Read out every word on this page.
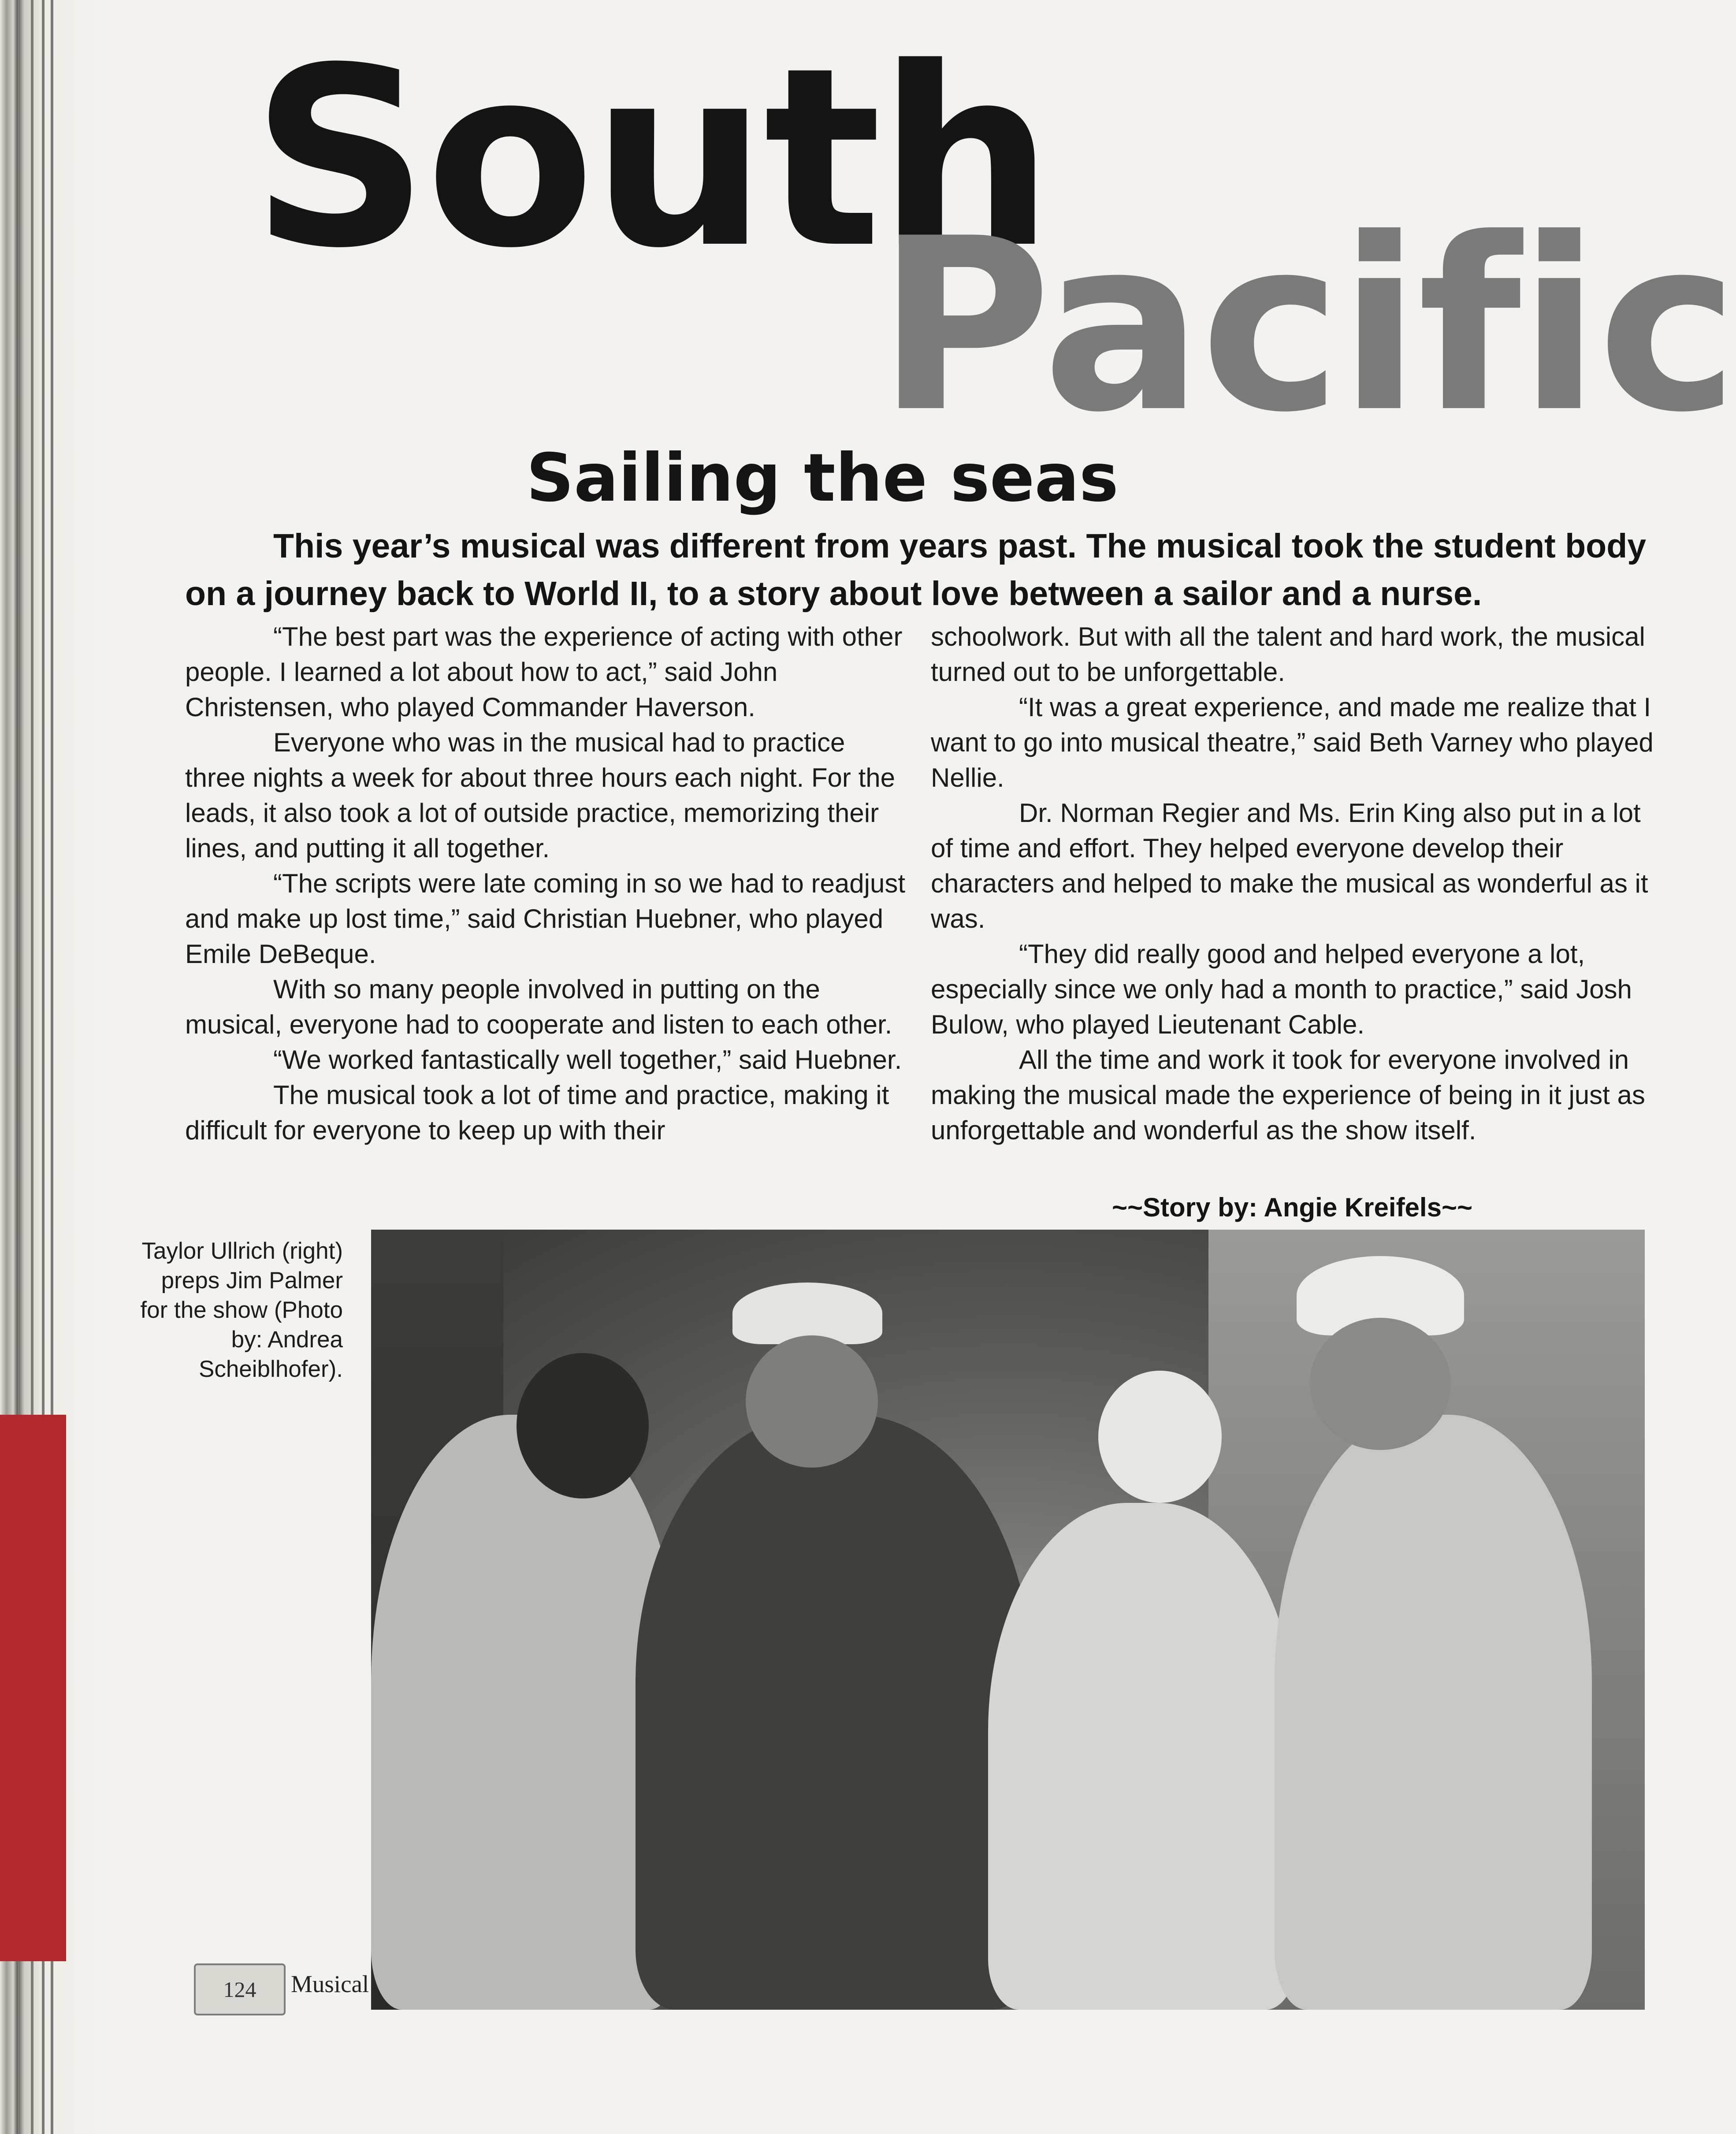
South
Pacific
Sailing the seas

This year’s musical was different from years past. The musical took the student body on a journey back to World II, to a story about love between a sailor and a nurse.

“The best part was the experience of acting with other people. I learned a lot about how to act,” said John Christensen, who played Commander Haverson.

Everyone who was in the musical had to practice three nights a week for about three hours each night. For the leads, it also took a lot of outside practice, memorizing their lines, and putting it all together.

“The scripts were late coming in so we had to readjust and make up lost time,” said Christian Huebner, who played Emile DeBeque.

With so many people involved in putting on the musical, everyone had to cooperate and listen to each other.

“We worked fantastically well together,” said Huebner.

The musical took a lot of time and practice, making it difficult for everyone to keep up with their

schoolwork. But with all the talent and hard work, the musical turned out to be unforgettable.

“It was a great experience, and made me realize that I want to go into musical theatre,” said Beth Varney who played Nellie.

Dr. Norman Regier and Ms. Erin King also put in a lot of time and effort. They helped everyone develop their characters and helped to make the musical as wonderful as it was.

“They did really good and helped everyone a lot, especially since we only had a month to practice,” said Josh Bulow, who played Lieutenant Cable.

All the time and work it took for everyone involved in making the musical made the experience of being in it just as unforgettable and wonderful as the show itself.

~~Story by: Angie Kreifels~~

Taylor Ullrich (right) preps Jim Palmer for the show (Photo by: Andrea Scheiblhofer).

124 Musical
